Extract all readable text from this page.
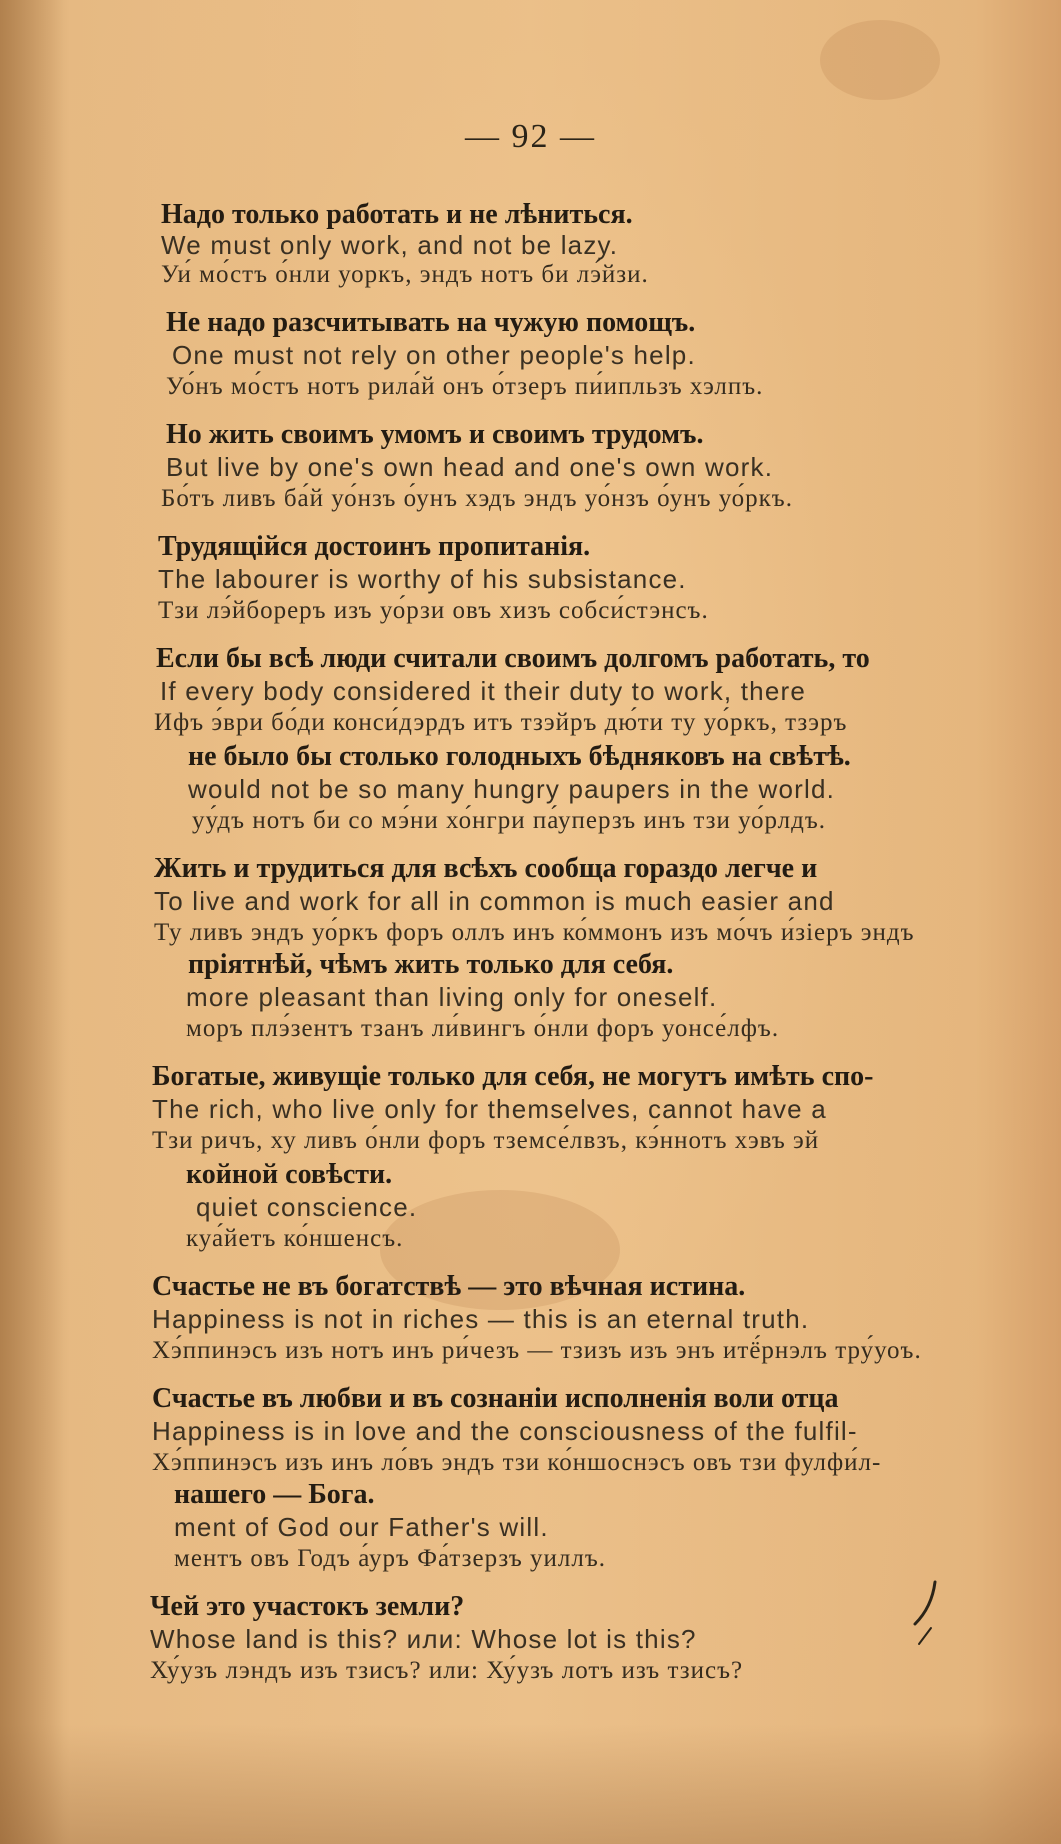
— 92 —
Надо только работать и не лѣниться.
We must only work, and not be lazy.
Уи́ мо́стъ о́нли уоркъ, эндъ нотъ би лэ́йзи.
Не надо разсчитывать на чужую помощъ.
One must not rely on other people's help.
Уо́нъ мо́стъ нотъ рила́й онъ о́тзеръ пи́ипльзъ хэлпъ.
Но жить своимъ умомъ и своимъ трудомъ.
But live by one's own head and one's own work.
Бо́тъ ливъ ба́й уо́нзъ о́унъ хэдъ эндъ уо́нзъ о́унъ уо́ркъ.
Трудящійся достоинъ пропитанія.
The labourer is worthy of his subsistance.
Тзи лэ́йбореръ изъ уо́рзи овъ хизъ собси́стэнсъ.
Если бы всѣ люди считали своимъ долгомъ работать, то
If every body considered it their duty to work, there
Ифъ э́ври бо́ди конси́дэрдъ итъ тзэйръ дю́ти ту уо́ркъ, тзэръ
не было бы столько голодныхъ бѣдняковъ на свѣтѣ.
would not be so many hungry paupers in the world.
уу́дъ нотъ би со мэ́ни хо́нгри па́уперзъ инъ тзи уо́рлдъ.
Жить и трудиться для всѣхъ сообща гораздо легче и
To live and work for all in common is much easier and
Ту ливъ эндъ уо́ркъ форъ оллъ инъ ко́ммонъ изъ мо́чъ и́зіеръ эндъ
пріятнѣй, чѣмъ жить только для себя.
more pleasant than living only for oneself.
моръ плэ́зентъ тзанъ ли́вингъ о́нли форъ уонсе́лфъ.
Богатые, живущіе только для себя, не могутъ имѣть спо-
The rich, who live only for themselves, cannot have a
Тзи ричъ, ху ливъ о́нли форъ тземсе́лвзъ, кэ́ннотъ хэвъ эй
койной совѣсти.
quiet conscience.
куа́йетъ ко́ншенсъ.
Счастье не въ богатствѣ — это вѣчная истина.
Happiness is not in riches — this is an eternal truth.
Хэ́ппинэсъ изъ нотъ инъ ри́чезъ — тзизъ изъ энъ итё́рнэлъ тру́уоъ.
Счастье въ любви и въ сознаніи исполненія воли отца
Happiness is in love and the consciousness of the fulfil-
Хэ́ппинэсъ изъ инъ ло́въ эндъ тзи ко́ншоснэсъ овъ тзи фулфи́л-
нашего — Бога.
ment of God our Father's will.
ментъ овъ Годъ а́уръ Фа́тзерзъ уиллъ.
Чей это участокъ земли?
Whose land is this? или: Whose lot is this?
Ху́узъ лэндъ изъ тзисъ? или: Ху́узъ лотъ изъ тзисъ?
